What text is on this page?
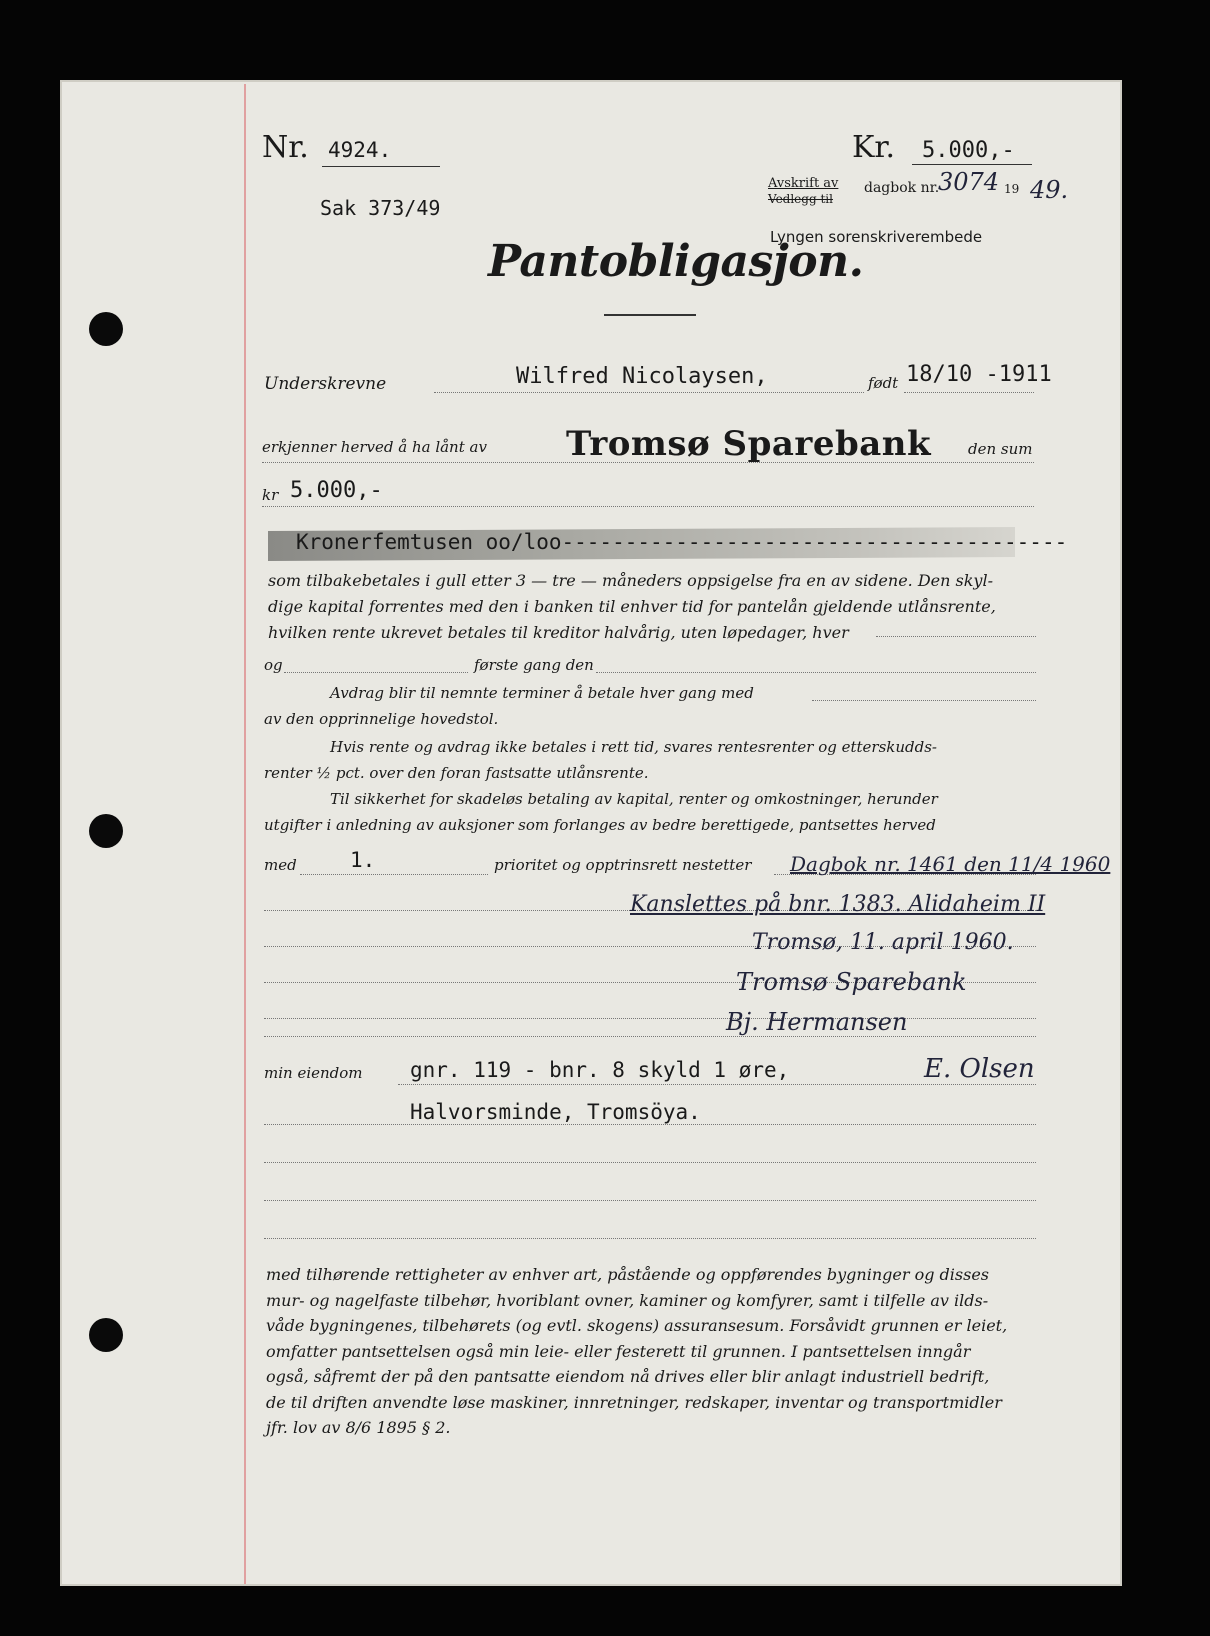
Nr. 4924.	Kr. 5.000,-
Sak 373/49
Avskrift av
Vedlegg til
dagbok nr.
3074 19 49.
Lyngen sorenskriverembede
Pantobligasjon.
Underskrevne	Wilfred Nicolaysen,	født 18/10 -1911
erkjenner herved å ha lånt av Tromsø Sparebank den sum
kr 5.000,-
Kronerfemtusen oo/loo----------------------------------------
som tilbakebetales i gull etter 3 — tre — måneders oppsigelse fra en av sidene. Den skyl-
dige kapital forrentes med den i banken til enhver tid for pantelån gjeldende utlånsrente,
hvilken rente ukrevet betales til kreditor halvårig, uten løpedager, hver
og	første gang den
Avdrag blir til nemnte terminer å betale hver gang med
av den opprinnelige hovedstol.
Hvis rente og avdrag ikke betales i rett tid, svares rentesrenter og etterskudds-
renter ½ pct. over den foran fastsatte utlånsrente.
Til sikkerhet for skadeløs betaling av kapital, renter og omkostninger, herunder
utgifter i anledning av auksjoner som forlanges av bedre berettigede, pantsettes herved
med	1.	prioritet og opptrinsrett nestetter Dagbok nr. 1461 den 11/4 1960
Kanslettes på bnr. 1383. Alidaheim II
Tromsø, 11. april 1960.
Tromsø Sparebank
Bj. Hermansen
min eiendom gnr. 119 - bnr. 8 skyld 1 øre,	E. Olsen
Halvorsminde, Tromsöya.
med tilhørende rettigheter av enhver art, påstående og oppførendes bygninger og disses
mur- og nagelfaste tilbehør, hvoriblant ovner, kaminer og komfyrer, samt i tilfelle av ilds-
våde bygningenes, tilbehørets (og evtl. skogens) assuransesum. Forsåvidt grunnen er leiet,
omfatter pantsettelsen også min leie- eller festerett til grunnen. I pantsettelsen inngår
også, såfremt der på den pantsatte eiendom nå drives eller blir anlagt industriell bedrift,
de til driften anvendte løse maskiner, innretninger, redskaper, inventar og transportmidler
jfr. lov av 8/6 1895 § 2.
